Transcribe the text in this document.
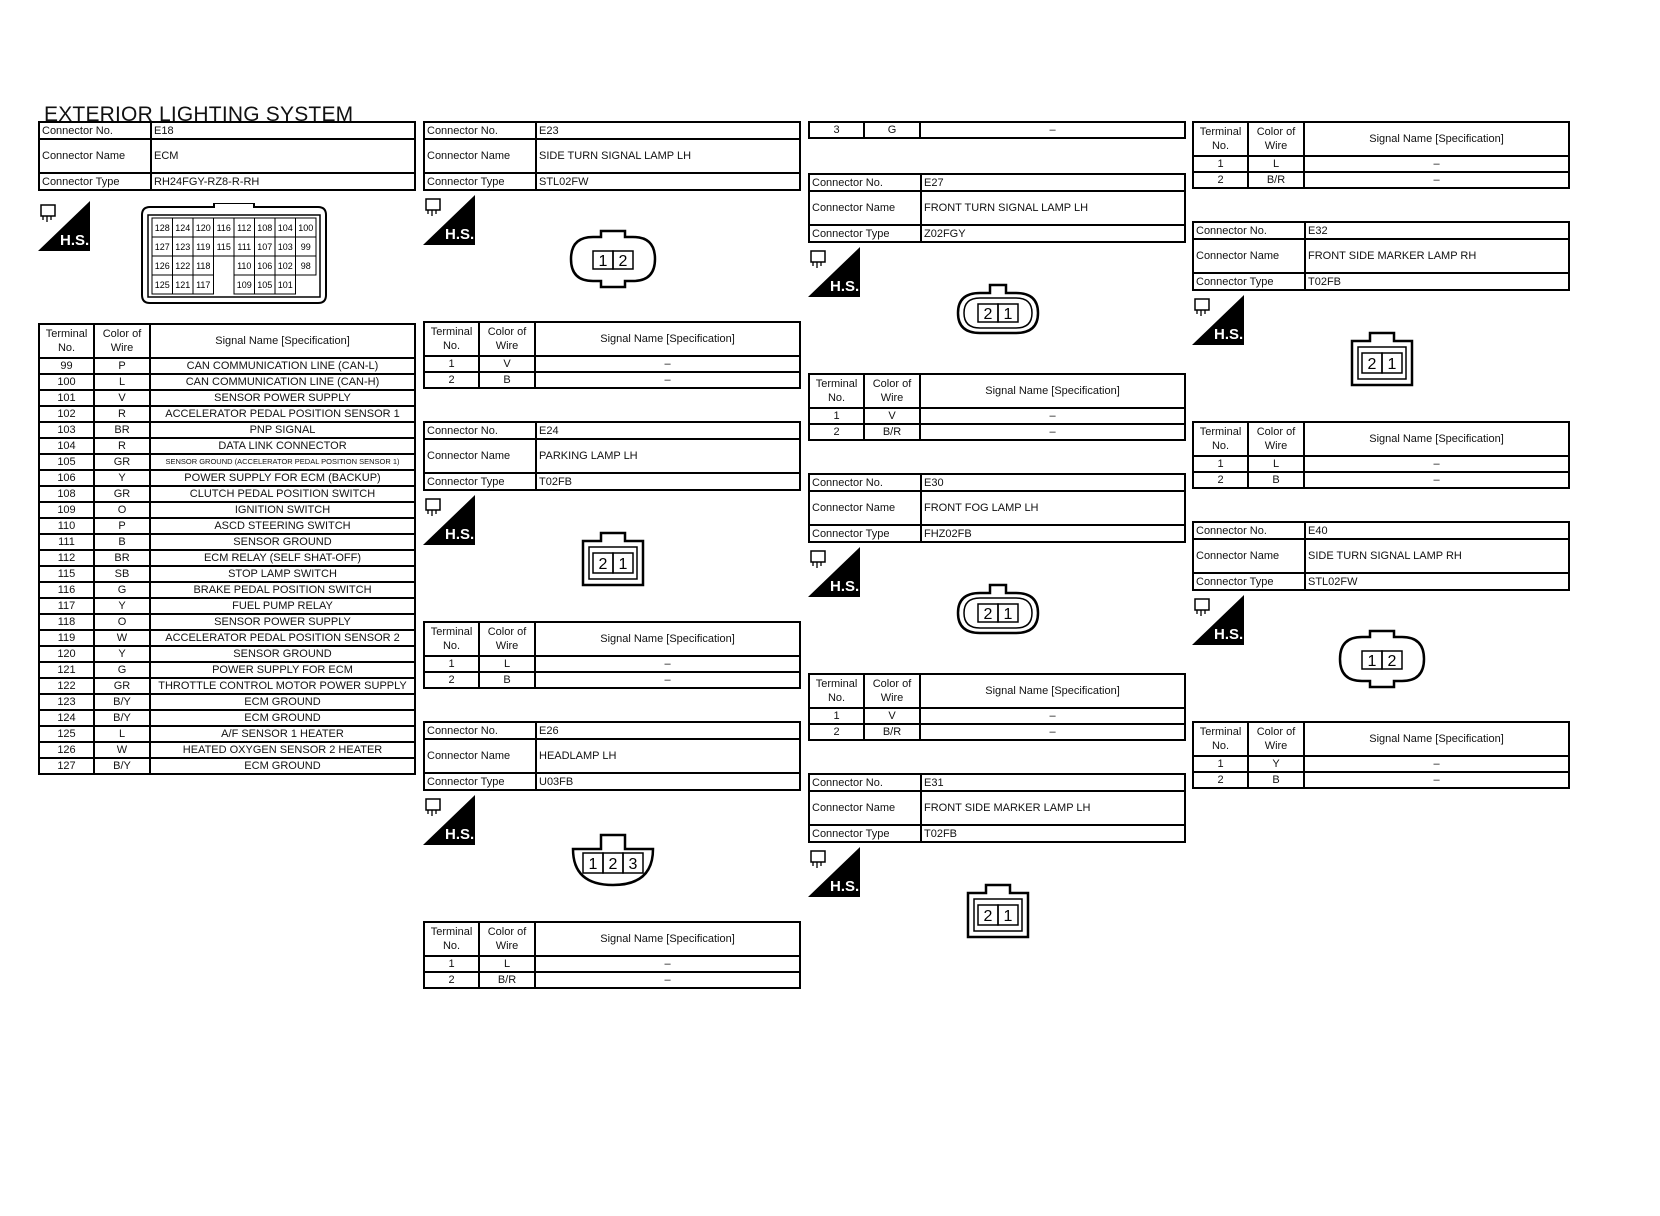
EXTERIOR LIGHTING SYSTEM
Connector No.	E18
Connector Name	ECM
Connector Type	RH24FGY-RZ8-R-RH
H.S.
128 124 120 116 112 108 104 100
127 123 119 115 111 107 103 99
126 122 118	110 106 102 98
125 121 117	109 105 101
Terminal No.	Color of Wire	Signal Name [Specification]
99	P	CAN COMMUNICATION LINE (CAN-L)
100	L	CAN COMMUNICATION LINE (CAN-H)
101	V	SENSOR POWER SUPPLY
102	R	ACCELERATOR PEDAL POSITION SENSOR 1
103	BR	PNP SIGNAL
104	R	DATA LINK CONNECTOR
105	GR	SENSOR GROUND (ACCELERATOR PEDAL POSITION SENSOR 1)
106	Y	POWER SUPPLY FOR ECM (BACKUP)
108	GR	CLUTCH PEDAL POSITION SWITCH
109	O	IGNITION SWITCH
110	P	ASCD STEERING SWITCH
111	B	SENSOR GROUND
112	BR	ECM RELAY (SELF SHAT-OFF)
115	SB	STOP LAMP SWITCH
116	G	BRAKE PEDAL POSITION SWITCH
117	Y	FUEL PUMP RELAY
118	O	SENSOR POWER SUPPLY
119	W	ACCELERATOR PEDAL POSITION SENSOR 2
120	Y	SENSOR GROUND
121	G	POWER SUPPLY FOR ECM
122	GR	THROTTLE CONTROL MOTOR POWER SUPPLY
123	B/Y	ECM GROUND
124	B/Y	ECM GROUND
125	L	A/F SENSOR 1 HEATER
126	W	HEATED OXYGEN SENSOR 2 HEATER
127	B/Y	ECM GROUND
Connector No.	E23
Connector Name	SIDE TURN SIGNAL LAMP LH
Connector Type	STL02FW
H.S.
1 2
Terminal No.	Color of Wire	Signal Name [Specification]
1	V	–
2	B	–
Connector No.	E24
Connector Name	PARKING LAMP LH
Connector Type	T02FB
H.S.
2 1
Terminal No.	Color of Wire	Signal Name [Specification]
1	L	–
2	B	–
Connector No.	E26
Connector Name	HEADLAMP LH
Connector Type	U03FB
H.S.
1 2 3
Terminal No.	Color of Wire	Signal Name [Specification]
1	L	–
2	B/R	–
3	G	–
Connector No.	E27
Connector Name	FRONT TURN SIGNAL LAMP LH
Connector Type	Z02FGY
H.S.
2 1
Terminal No.	Color of Wire	Signal Name [Specification]
1	V	–
2	B/R	–
Connector No.	E30
Connector Name	FRONT FOG LAMP LH
Connector Type	FHZ02FB
H.S.
2 1
Terminal No.	Color of Wire	Signal Name [Specification]
1	V	–
2	B/R	–
Connector No.	E31
Connector Name	FRONT SIDE MARKER LAMP LH
Connector Type	T02FB
H.S.
2 1
Terminal No.	Color of Wire	Signal Name [Specification]
1	L	–
2	B/R	–
Connector No.	E32
Connector Name	FRONT SIDE MARKER LAMP RH
Connector Type	T02FB
H.S.
2 1
Terminal No.	Color of Wire	Signal Name [Specification]
1	L	–
2	B	–
Connector No.	E40
Connector Name	SIDE TURN SIGNAL LAMP RH
Connector Type	STL02FW
H.S.
1 2
Terminal No.	Color of Wire	Signal Name [Specification]
1	Y	–
2	B	–
